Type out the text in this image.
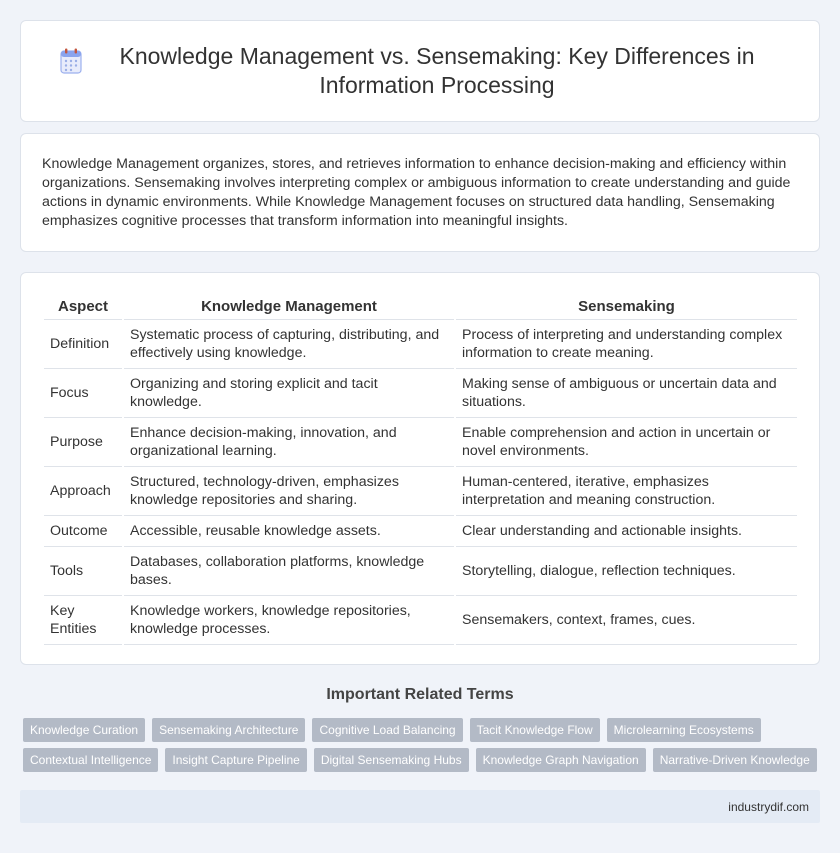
Knowledge Management vs. Sensemaking: Key Differences in Information Processing

Knowledge Management organizes, stores, and retrieves information to enhance decision-making and efficiency within organizations. Sensemaking involves interpreting complex or ambiguous information to create understanding and guide actions in dynamic environments. While Knowledge Management focuses on structured data handling, Sensemaking emphasizes cognitive processes that transform information into meaningful insights.

Aspect	Knowledge Management	Sensemaking
Definition	Systematic process of capturing, distributing, and effectively using knowledge.	Process of interpreting and understanding complex information to create meaning.
Focus	Organizing and storing explicit and tacit knowledge.	Making sense of ambiguous or uncertain data and situations.
Purpose	Enhance decision-making, innovation, and organizational learning.	Enable comprehension and action in uncertain or novel environments.
Approach	Structured, technology-driven, emphasizes knowledge repositories and sharing.	Human-centered, iterative, emphasizes interpretation and meaning construction.
Outcome	Accessible, reusable knowledge assets.	Clear understanding and actionable insights.
Tools	Databases, collaboration platforms, knowledge bases.	Storytelling, dialogue, reflection techniques.
Key Entities	Knowledge workers, knowledge repositories, knowledge processes.	Sensemakers, context, frames, cues.
Important Related Terms
Knowledge Curation	Sensemaking Architecture	Cognitive Load Balancing	Tacit Knowledge Flow	Microlearning Ecosystems
Contextual Intelligence	Insight Capture Pipeline	Digital Sensemaking Hubs	Knowledge Graph Navigation	Narrative-Driven Knowledge
industrydif.com
